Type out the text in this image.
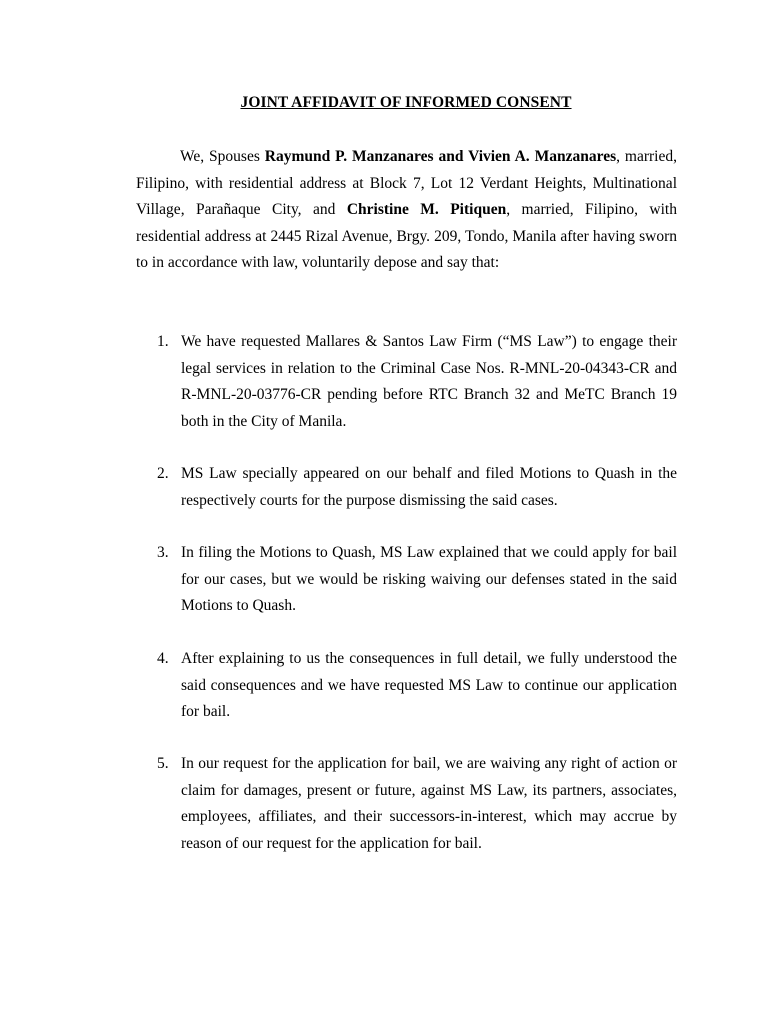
JOINT AFFIDAVIT OF INFORMED CONSENT

We, Spouses Raymund P. Manzanares and Vivien A. Manzanares, married, Filipino, with residential address at Block 7, Lot 12 Verdant Heights, Multinational Village, Parañaque City, and Christine M. Pitiquen, married, Filipino, with residential address at 2445 Rizal Avenue, Brgy. 209, Tondo, Manila after having sworn to in accordance with law, voluntarily depose and say that:

1. We have requested Mallares & Santos Law Firm (“MS Law”) to engage their legal services in relation to the Criminal Case Nos. R-MNL-20-04343-CR and R-MNL-20-03776-CR pending before RTC Branch 32 and MeTC Branch 19 both in the City of Manila.
2. MS Law specially appeared on our behalf and filed Motions to Quash in the respectively courts for the purpose dismissing the said cases.
3. In filing the Motions to Quash, MS Law explained that we could apply for bail for our cases, but we would be risking waiving our defenses stated in the said Motions to Quash.
4. After explaining to us the consequences in full detail, we fully understood the said consequences and we have requested MS Law to continue our application for bail.
5. In our request for the application for bail, we are waiving any right of action or claim for damages, present or future, against MS Law, its partners, associates, employees, affiliates, and their successors-in-interest, which may accrue by reason of our request for the application for bail.
